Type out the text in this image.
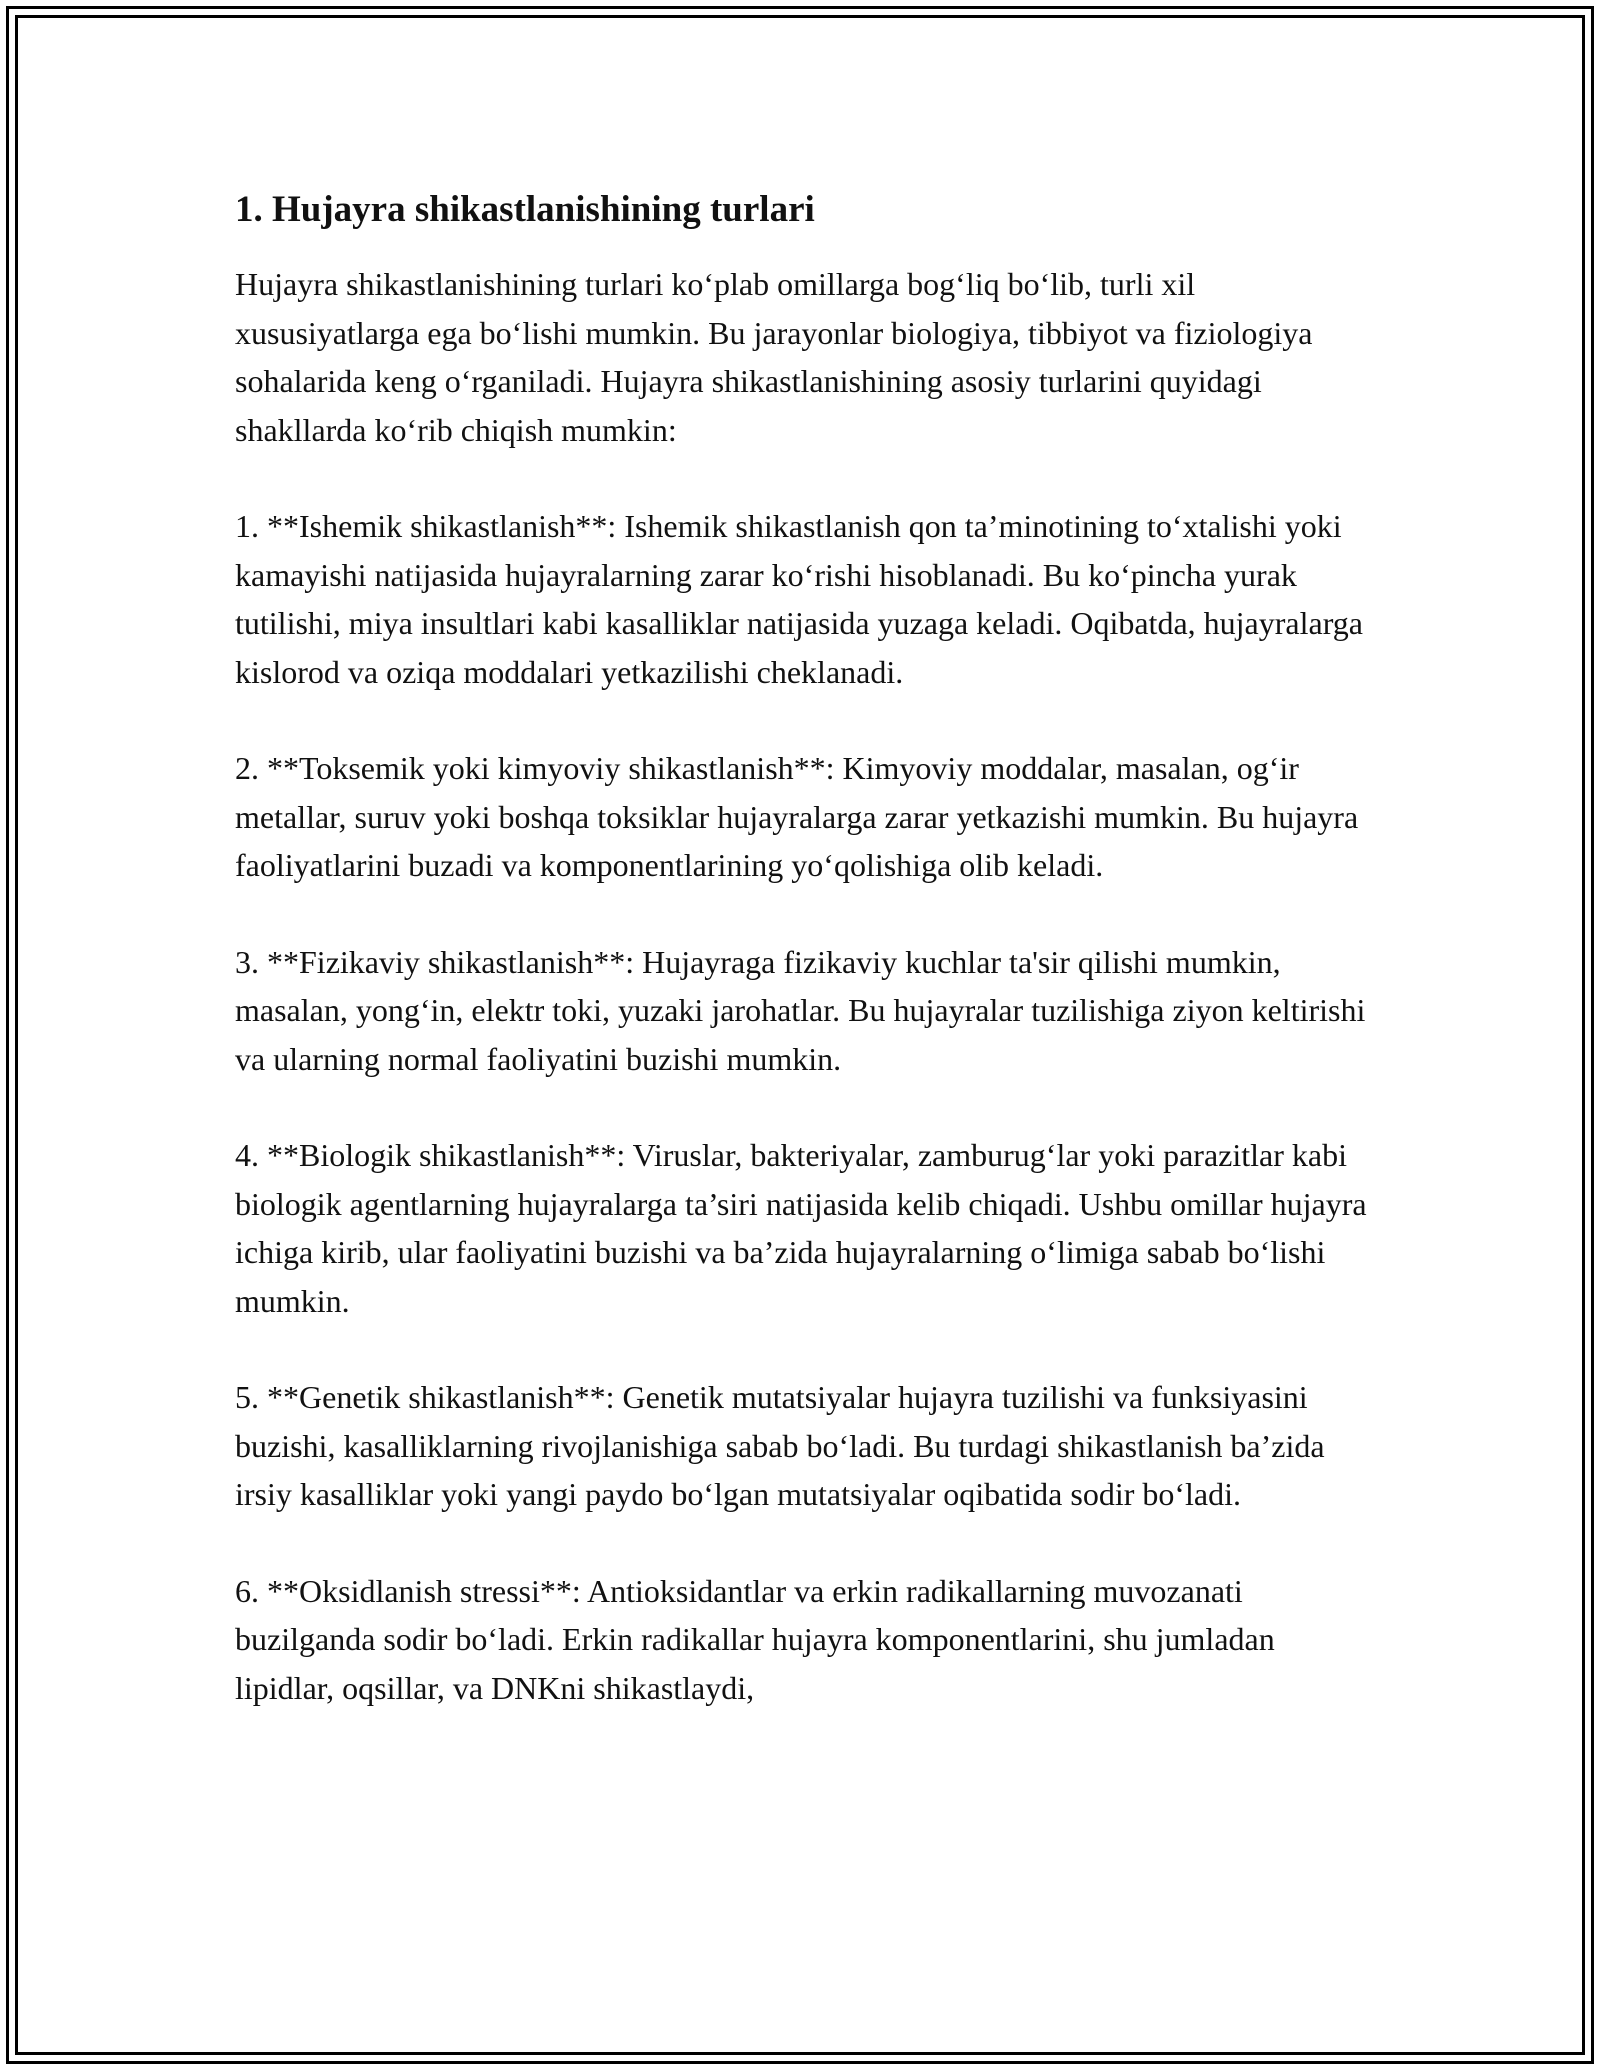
1. Hujayra shikastlanishining turlari

Hujayra shikastlanishining turlari ko‘plab omillarga bog‘liq bo‘lib, turli xil xususiyatlarga ega bo‘lishi mumkin. Bu jarayonlar biologiya, tibbiyot va fiziologiya sohalarida keng o‘rganiladi. Hujayra shikastlanishining asosiy turlarini quyidagi shakllarda ko‘rib chiqish mumkin:

1. **Ishemik shikastlanish**: Ishemik shikastlanish qon ta’minotining to‘xtalishi yoki kamayishi natijasida hujayralarning zarar ko‘rishi hisoblanadi. Bu ko‘pincha yurak tutilishi, miya insultlari kabi kasalliklar natijasida yuzaga keladi. Oqibatda, hujayralarga kislorod va oziqa moddalari yetkazilishi cheklanadi.

2. **Toksemik yoki kimyoviy shikastlanish**: Kimyoviy moddalar, masalan, og‘ir metallar, suruv yoki boshqa toksiklar hujayralarga zarar yetkazishi mumkin. Bu hujayra faoliyatlarini buzadi va komponentlarining yo‘qolishiga olib keladi.

3. **Fizikaviy shikastlanish**: Hujayraga fizikaviy kuchlar ta'sir qilishi mumkin, masalan, yong‘in, elektr toki, yuzaki jarohatlar. Bu hujayralar tuzilishiga ziyon keltirishi va ularning normal faoliyatini buzishi mumkin.

4. **Biologik shikastlanish**: Viruslar, bakteriyalar, zamburug‘lar yoki parazitlar kabi biologik agentlarning hujayralarga ta’siri natijasida kelib chiqadi. Ushbu omillar hujayra ichiga kirib, ular faoliyatini buzishi va ba’zida hujayralarning o‘limiga sabab bo‘lishi mumkin.

5. **Genetik shikastlanish**: Genetik mutatsiyalar hujayra tuzilishi va funksiyasini buzishi, kasalliklarning rivojlanishiga sabab bo‘ladi. Bu turdagi shikastlanish ba’zida irsiy kasalliklar yoki yangi paydo bo‘lgan mutatsiyalar oqibatida sodir bo‘ladi.

6. **Oksidlanish stressi**: Antioksidantlar va erkin radikallarning muvozanati buzilganda sodir bo‘ladi. Erkin radikallar hujayra komponentlarini, shu jumladan lipidlar, oqsillar, va DNKni shikastlaydi,
